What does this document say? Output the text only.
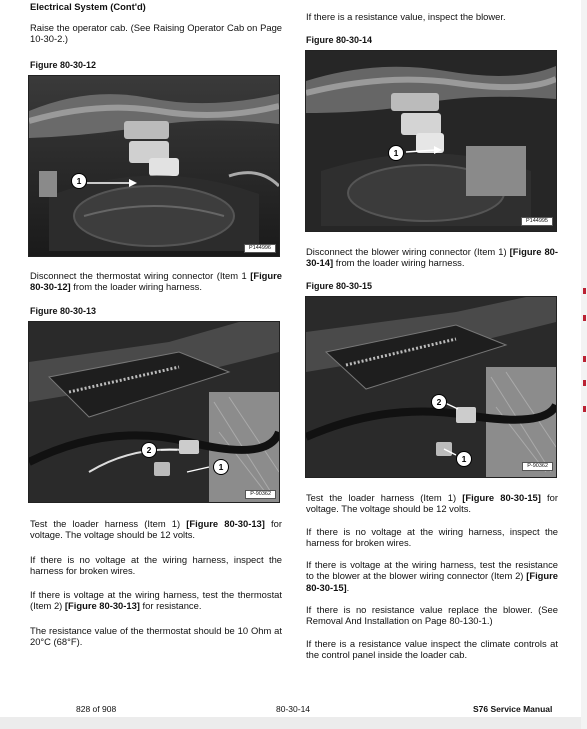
Electrical System (Cont'd)

Raise the operator cab. (See Raising Operator Cab on Page 10-30-2.)

Figure 80-30-12

1
P144996

Disconnect the thermostat wiring connector (Item 1 [Figure 80-30-12] from the loader wiring harness.

Figure 80-30-13

2
1
P-90362

Test the loader harness (Item 1) [Figure 80-30-13] for voltage. The voltage should be 12 volts.

If there is no voltage at the wiring harness, inspect the harness for broken wires.

If there is voltage at the wiring harness, test the thermostat (Item 2) [Figure 80-30-13] for resistance.

The resistance value of the thermostat should be 10 Ohm at 20°C (68°F).

If there is a resistance value, inspect the blower.

Figure 80-30-14

1
P144995

Disconnect the blower wiring connector (Item 1) [Figure 80-30-14] from the loader wiring harness.

Figure 80-30-15

2
1
P-90362

Test the loader harness (Item 1) [Figure 80-30-15] for voltage. The voltage should be 12 volts.

If there is no voltage at the wiring harness, inspect the harness for broken wires.

If there is voltage at the wiring harness, test the resistance to the blower at the blower wiring connector (Item 2) [Figure 80-30-15].

If there is no resistance value replace the blower. (See Removal And Installation on Page 80-130-1.)

If there is a resistance value inspect the climate controls at the control panel inside the loader cab.

828 of 908	80-30-14	S76 Service Manual
